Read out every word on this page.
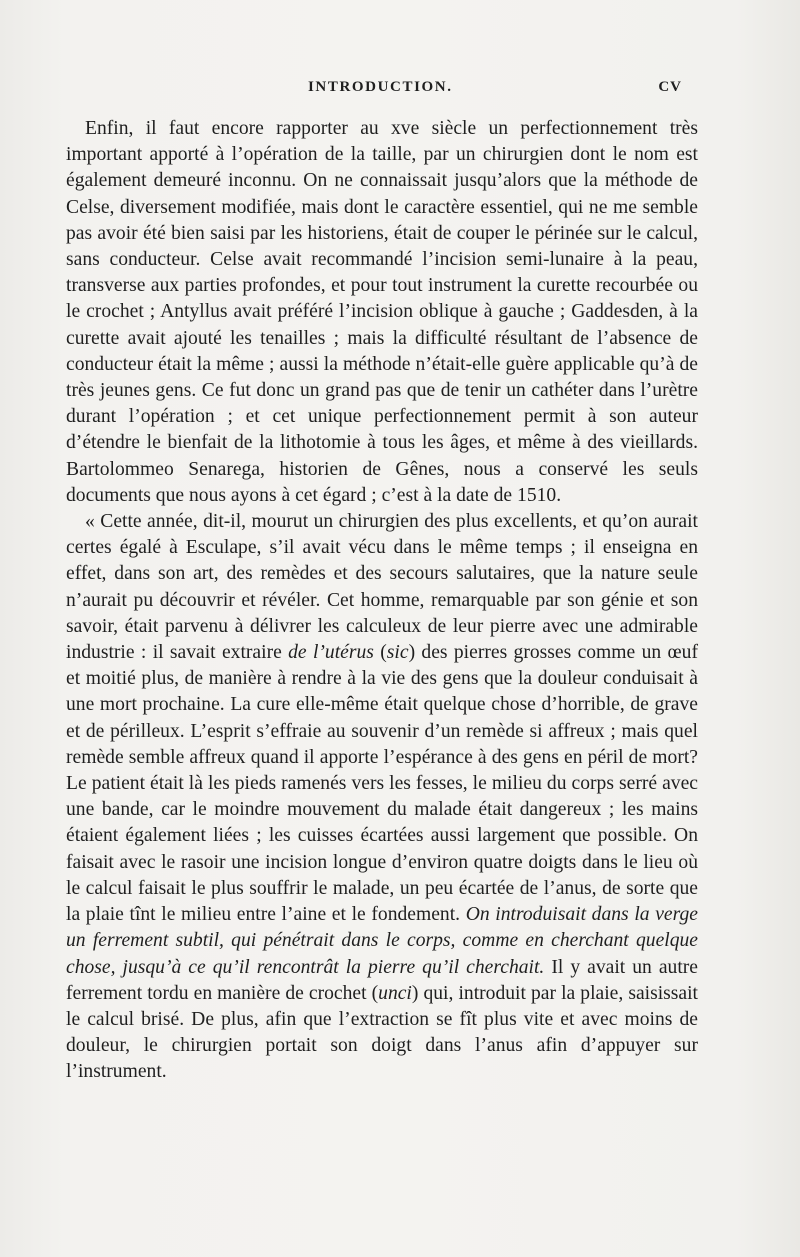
INTRODUCTION.	CV

Enfin, il faut encore rapporter au xve siècle un perfectionnement très important apporté à l’opération de la taille, par un chirurgien dont le nom est également demeuré inconnu. On ne connaissait jusqu’alors que la méthode de Celse, diversement modifiée, mais dont le caractère essentiel, qui ne me semble pas avoir été bien saisi par les historiens, était de couper le périnée sur le calcul, sans conducteur. Celse avait recommandé l’incision semi-lunaire à la peau, transverse aux parties profondes, et pour tout instrument la curette recourbée ou le crochet ; Antyllus avait préféré l’incision oblique à gauche ; Gaddesden, à la curette avait ajouté les tenailles ; mais la difficulté résultant de l’absence de conducteur était la même ; aussi la méthode n’était-elle guère applicable qu’à de très jeunes gens. Ce fut donc un grand pas que de tenir un cathéter dans l’urètre durant l’opération ; et cet unique perfectionnement permit à son auteur d’étendre le bienfait de la lithotomie à tous les âges, et même à des vieillards. Bartolommeo Senarega, historien de Gênes, nous a conservé les seuls documents que nous ayons à cet égard ; c’est à la date de 1510.

« Cette année, dit-il, mourut un chirurgien des plus excellents, et qu’on aurait certes égalé à Esculape, s’il avait vécu dans le même temps ; il enseigna en effet, dans son art, des remèdes et des secours salutaires, que la nature seule n’aurait pu découvrir et révéler. Cet homme, remarquable par son génie et son savoir, était parvenu à délivrer les calculeux de leur pierre avec une admirable industrie : il savait extraire de l’utérus (sic) des pierres grosses comme un œuf et moitié plus, de manière à rendre à la vie des gens que la douleur conduisait à une mort prochaine. La cure elle-même était quelque chose d’horrible, de grave et de périlleux. L’esprit s’effraie au souvenir d’un remède si affreux ; mais quel remède semble affreux quand il apporte l’espérance à des gens en péril de mort? Le patient était là les pieds ramenés vers les fesses, le milieu du corps serré avec une bande, car le moindre mouvement du malade était dangereux ; les mains étaient également liées ; les cuisses écartées aussi largement que possible. On faisait avec le rasoir une incision longue d’environ quatre doigts dans le lieu où le calcul faisait le plus souffrir le malade, un peu écartée de l’anus, de sorte que la plaie tînt le milieu entre l’aine et le fondement. On introduisait dans la verge un ferrement subtil, qui pénétrait dans le corps, comme en cherchant quelque chose, jusqu’à ce qu’il rencontrât la pierre qu’il cherchait. Il y avait un autre ferrement tordu en manière de crochet (unci) qui, introduit par la plaie, saisissait le calcul brisé. De plus, afin que l’extraction se fît plus vite et avec moins de douleur, le chirurgien portait son doigt dans l’anus afin d’appuyer sur l’instrument.
